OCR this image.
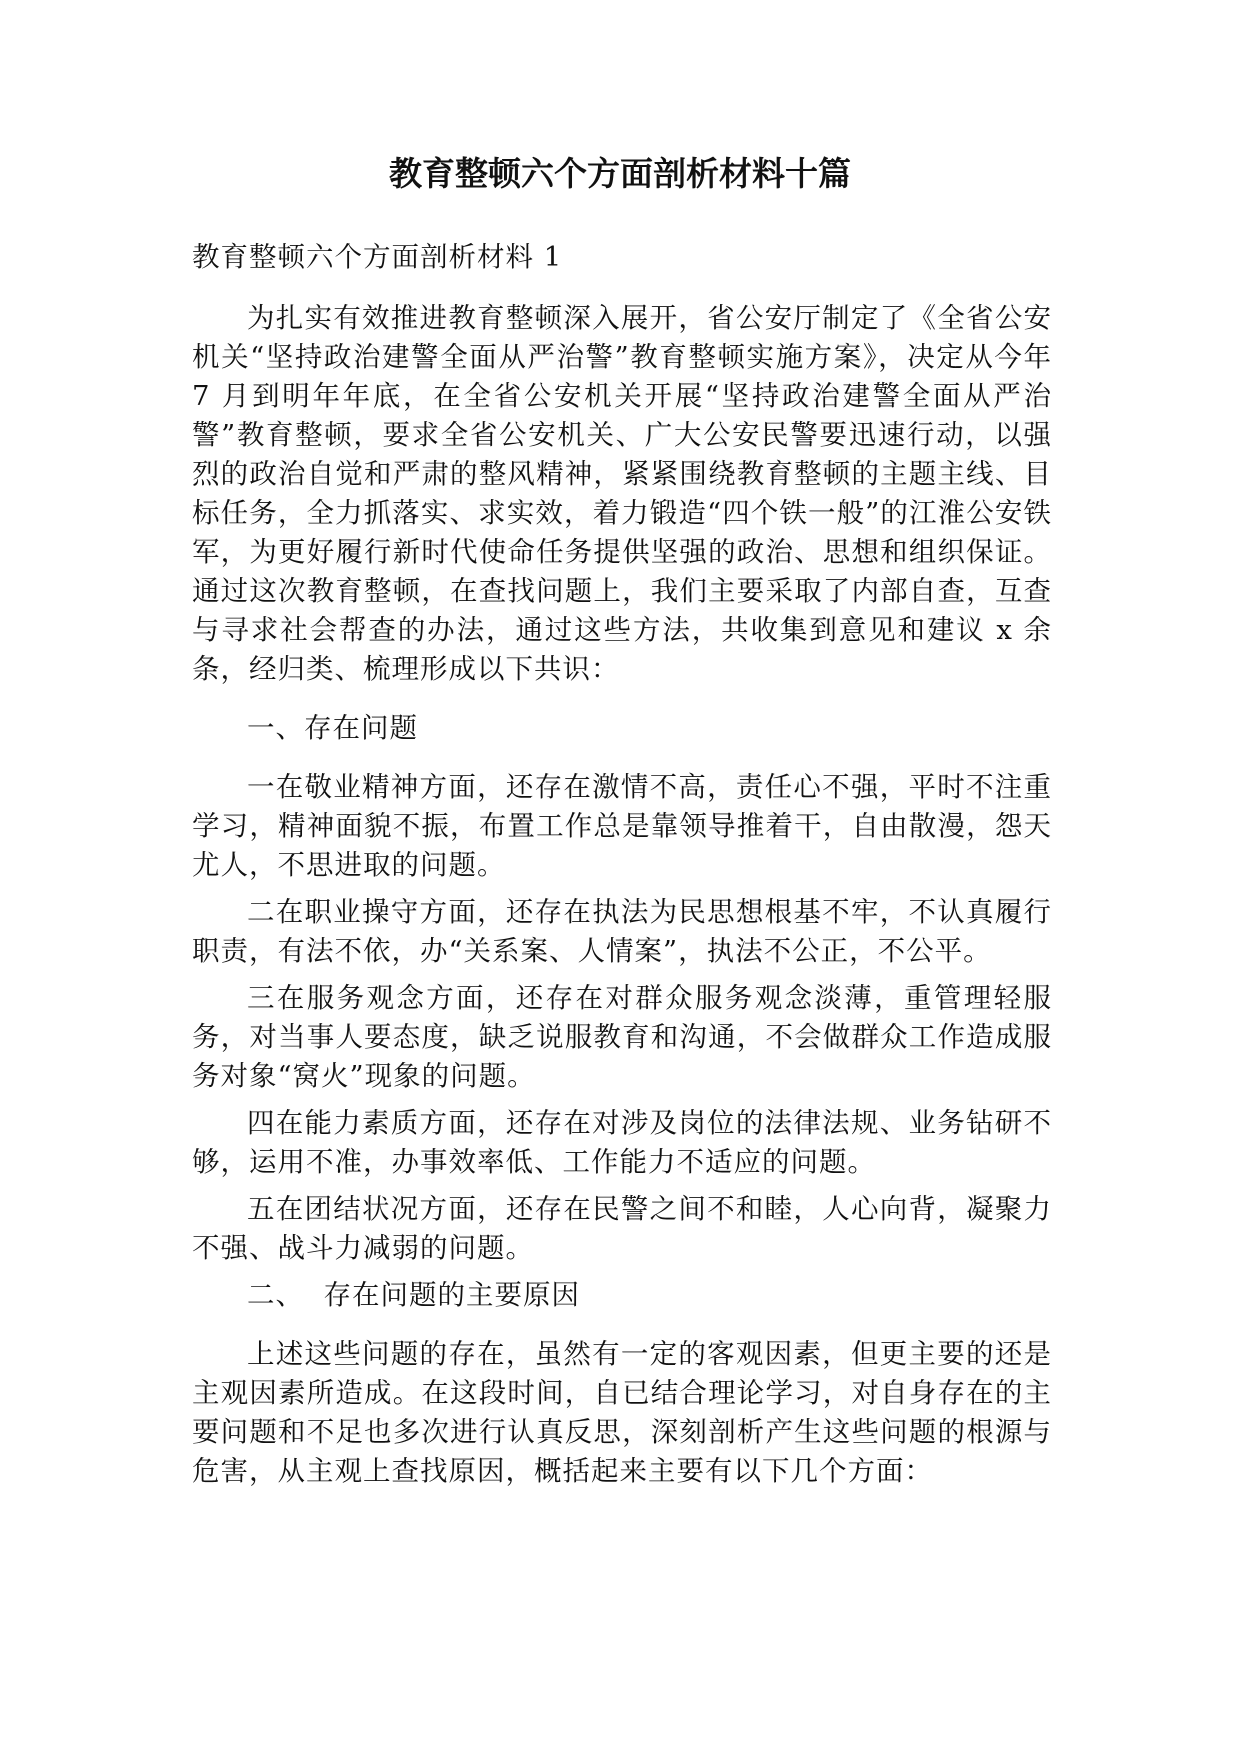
教育整顿六个方面剖析材料十篇

教育整顿六个方面剖析材料 1

为扎实有效推进教育整顿深入展开，省公安厅制定了《全省公安机关“坚持政治建警全面从严治警”教育整顿实施方案》，决定从今年 7 月到明年年底，在全省公安机关开展“坚持政治建警全面从严治警”教育整顿，要求全省公安机关、广大公安民警要迅速行动，以强烈的政治自觉和严肃的整风精神，紧紧围绕教育整顿的主题主线、目标任务，全力抓落实、求实效，着力锻造“四个铁一般”的江淮公安铁军，为更好履行新时代使命任务提供坚强的政治、思想和组织保证。通过这次教育整顿，在查找问题上，我们主要采取了内部自查，互查与寻求社会帮查的办法，通过这些方法，共收集到意见和建议 x 余条，经归类、梳理形成以下共识：

一、存在问题

一在敬业精神方面，还存在激情不高，责任心不强，平时不注重学习，精神面貌不振，布置工作总是靠领导推着干，自由散漫，怨天尤人，不思进取的问题。

二在职业操守方面，还存在执法为民思想根基不牢，不认真履行职责，有法不依，办“关系案、人情案”，执法不公正，不公平。

三在服务观念方面，还存在对群众服务观念淡薄，重管理轻服务，对当事人要态度，缺乏说服教育和沟通，不会做群众工作造成服务对象“窝火”现象的问题。

四在能力素质方面，还存在对涉及岗位的法律法规、业务钻研不够，运用不准，办事效率低、工作能力不适应的问题。

五在团结状况方面，还存在民警之间不和睦，人心向背，凝聚力不强、战斗力减弱的问题。

二、  存在问题的主要原因

上述这些问题的存在，虽然有一定的客观因素，但更主要的还是主观因素所造成。在这段时间，自已结合理论学习，对自身存在的主要问题和不足也多次进行认真反思，深刻剖析产生这些问题的根源与危害，从主观上查找原因，概括起来主要有以下几个方面：
